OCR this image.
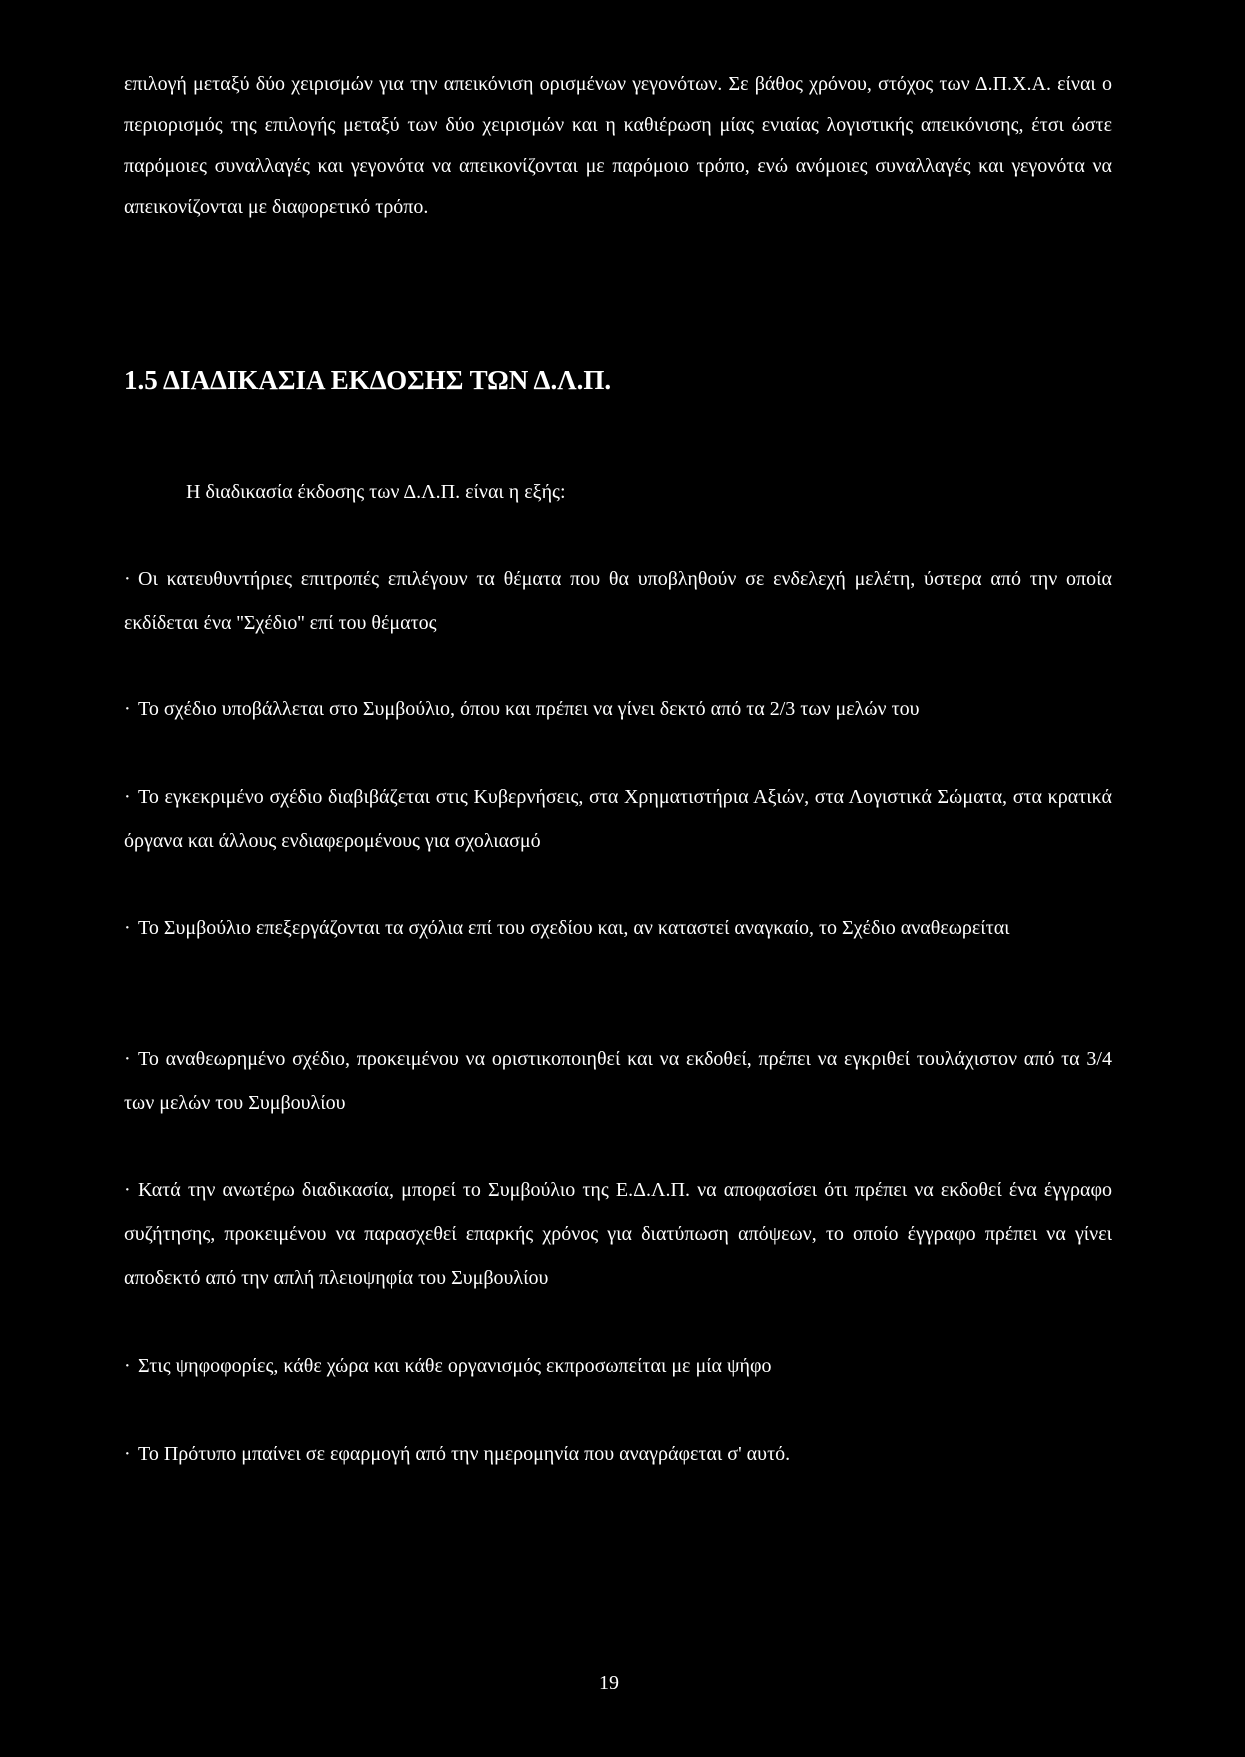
επιλογή μεταξύ δύο χειρισμών για την απεικόνιση ορισμένων γεγονότων. Σε βάθος χρόνου, στόχος των Δ.Π.Χ.Α. είναι ο περιορισμός της επιλογής μεταξύ των δύο χειρισμών και η καθιέρωση μίας ενιαίας λογιστικής απεικόνισης, έτσι ώστε παρόμοιες συναλλαγές και γεγονότα να απεικονίζονται με παρόμοιο τρόπο, ενώ ανόμοιες συναλλαγές και γεγονότα να απεικονίζονται με διαφορετικό τρόπο.

1.5 ΔΙΑΔΙΚΑΣΙΑ ΕΚΔΟΣΗΣ ΤΩΝ Δ.Λ.Π.

Η διαδικασία έκδοσης των Δ.Λ.Π. είναι η εξής:

· Οι κατευθυντήριες επιτροπές επιλέγουν τα θέματα που θα υποβληθούν σε ενδελεχή μελέτη, ύστερα από την οποία εκδίδεται ένα ''Σχέδιο'' επί του θέματος

· Το σχέδιο υποβάλλεται στο Συμβούλιο, όπου και πρέπει να γίνει δεκτό από τα 2/3 των μελών του

· Το εγκεκριμένο σχέδιο διαβιβάζεται στις Κυβερνήσεις, στα Χρηματιστήρια Αξιών, στα Λογιστικά Σώματα, στα κρατικά όργανα και άλλους ενδιαφερομένους για σχολιασμό

· Το Συμβούλιο επεξεργάζονται τα σχόλια επί του σχεδίου και, αν καταστεί αναγκαίο, το Σχέδιο αναθεωρείται

· Το αναθεωρημένο σχέδιο, προκειμένου να οριστικοποιηθεί και να εκδοθεί, πρέπει να εγκριθεί τουλάχιστον από τα 3/4 των μελών του Συμβουλίου

· Κατά την ανωτέρω διαδικασία, μπορεί το Συμβούλιο της Ε.Δ.Λ.Π. να αποφασίσει ότι πρέπει να εκδοθεί ένα έγγραφο συζήτησης, προκειμένου να παρασχεθεί επαρκής χρόνος για διατύπωση απόψεων, το οποίο έγγραφο πρέπει να γίνει αποδεκτό από την απλή πλειοψηφία του Συμβουλίου

· Στις ψηφοφορίες, κάθε χώρα και κάθε οργανισμός εκπροσωπείται με μία ψήφο

· Το Πρότυπο μπαίνει σε εφαρμογή από την ημερομηνία που αναγράφεται σ' αυτό.

19
